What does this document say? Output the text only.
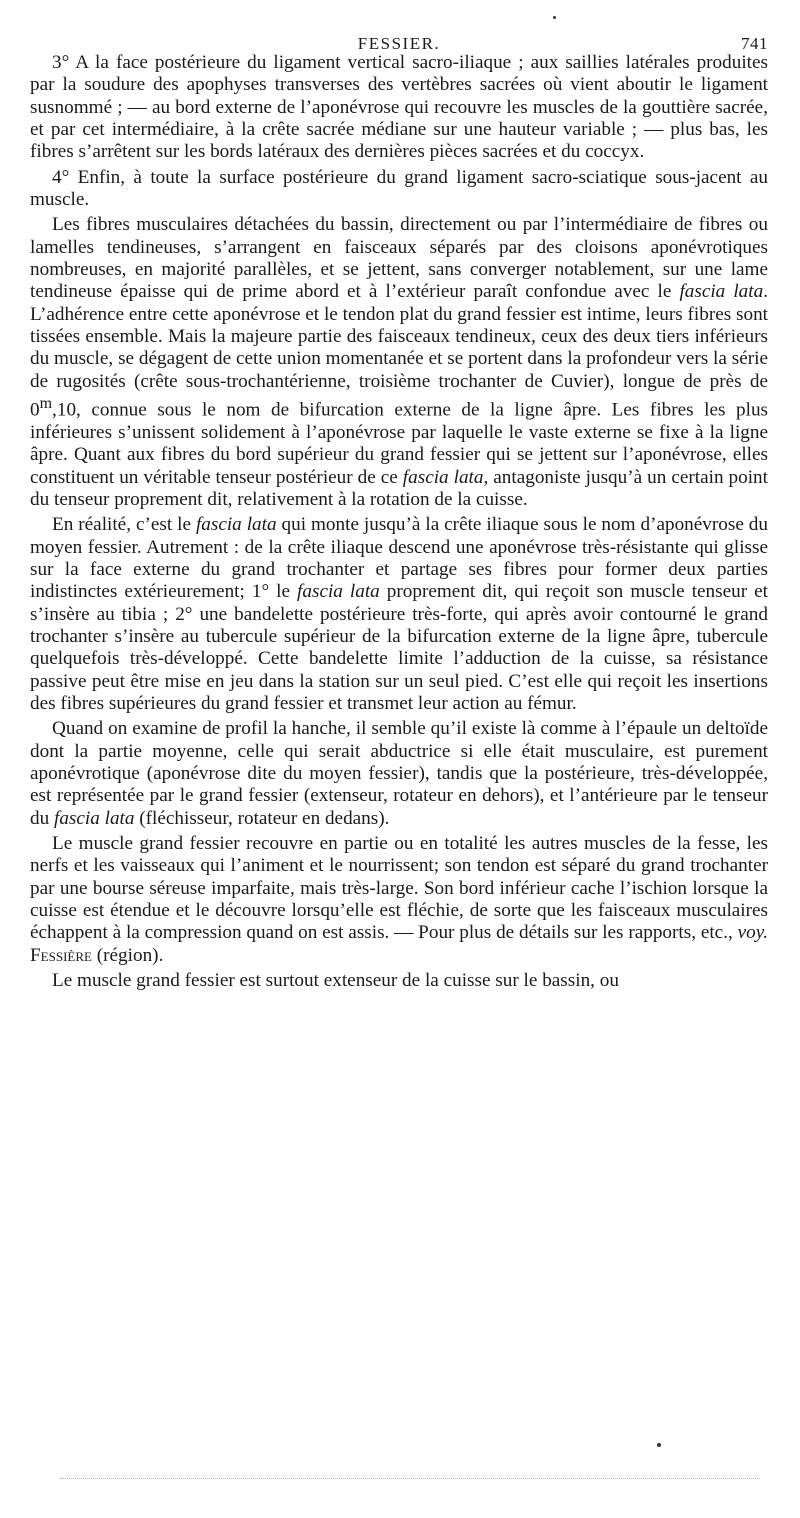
FESSIER.	741

3° A la face postérieure du ligament vertical sacro-iliaque ; aux saillies latérales produites par la soudure des apophyses transverses des vertèbres sacrées où vient aboutir le ligament susnommé ; — au bord externe de l’aponévrose qui recouvre les muscles de la gouttière sacrée, et par cet intermédiaire, à la crête sacrée médiane sur une hauteur variable ; — plus bas, les fibres s’arrêtent sur les bords latéraux des dernières pièces sacrées et du coccyx.

4° Enfin, à toute la surface postérieure du grand ligament sacro-sciatique sous-jacent au muscle.

Les fibres musculaires détachées du bassin, directement ou par l’intermédiaire de fibres ou lamelles tendineuses, s’arrangent en faisceaux séparés par des cloisons aponévrotiques nombreuses, en majorité parallèles, et se jettent, sans converger notablement, sur une lame tendineuse épaisse qui de prime abord et à l’extérieur paraît confondue avec le fascia lata. L’adhérence entre cette aponévrose et le tendon plat du grand fessier est intime, leurs fibres sont tissées ensemble. Mais la majeure partie des faisceaux tendineux, ceux des deux tiers inférieurs du muscle, se dégagent de cette union momentanée et se portent dans la profondeur vers la série de rugosités (crête sous-trochantérienne, troisième trochanter de Cuvier), longue de près de 0$^m$,10, connue sous le nom de bifurcation externe de la ligne âpre. Les fibres les plus inférieures s’unissent solidement à l’aponévrose par laquelle le vaste externe se fixe à la ligne âpre. Quant aux fibres du bord supérieur du grand fessier qui se jettent sur l’aponévrose, elles constituent un véritable tenseur postérieur de ce fascia lata, antagoniste jusqu’à un certain point du tenseur proprement dit, relativement à la rotation de la cuisse.

En réalité, c’est le fascia lata qui monte jusqu’à la crête iliaque sous le nom d’aponévrose du moyen fessier. Autrement : de la crête iliaque descend une aponévrose très-résistante qui glisse sur la face externe du grand trochanter et partage ses fibres pour former deux parties indistinctes extérieurement; 1° le fascia lata proprement dit, qui reçoit son muscle tenseur et s’insère au tibia ; 2° une bandelette postérieure très-forte, qui après avoir contourné le grand trochanter s’insère au tubercule supérieur de la bifurcation externe de la ligne âpre, tubercule quelquefois très-développé. Cette bandelette limite l’adduction de la cuisse, sa résistance passive peut être mise en jeu dans la station sur un seul pied. C’est elle qui reçoit les insertions des fibres supérieures du grand fessier et transmet leur action au fémur.

Quand on examine de profil la hanche, il semble qu’il existe là comme à l’épaule un deltoïde dont la partie moyenne, celle qui serait abductrice si elle était musculaire, est purement aponévrotique (aponévrose dite du moyen fessier), tandis que la postérieure, très-développée, est représentée par le grand fessier (extenseur, rotateur en dehors), et l’antérieure par le tenseur du fascia lata (fléchisseur, rotateur en dedans).

Le muscle grand fessier recouvre en partie ou en totalité les autres muscles de la fesse, les nerfs et les vaisseaux qui l’animent et le nourrissent; son tendon est séparé du grand trochanter par une bourse séreuse imparfaite, mais très-large. Son bord inférieur cache l’ischion lorsque la cuisse est étendue et le découvre lorsqu’elle est fléchie, de sorte que les faisceaux musculaires échappent à la compression quand on est assis. — Pour plus de détails sur les rapports, etc., voy. Fessière (région).

Le muscle grand fessier est surtout extenseur de la cuisse sur le bassin, ou
